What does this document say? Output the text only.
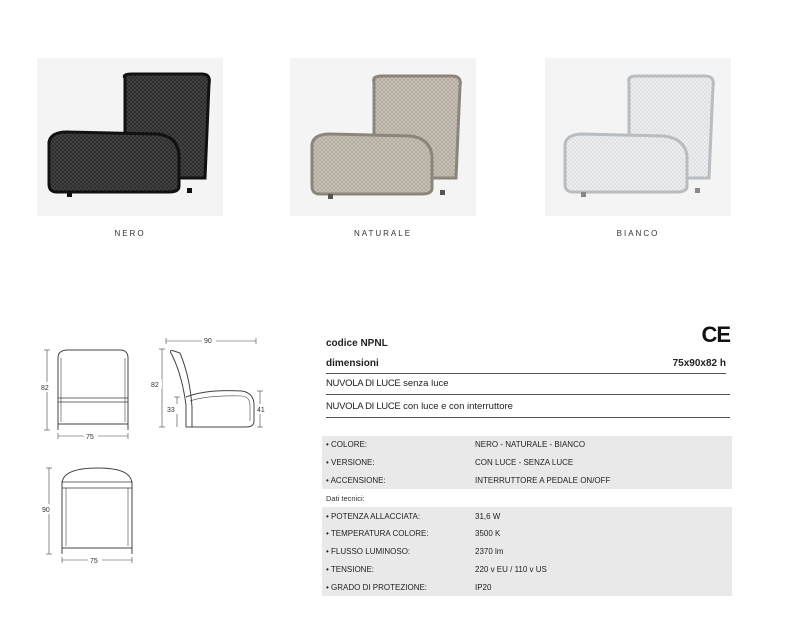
NERO	NATURALE	BIANCO
82
75
90
82
33	41
90
75
CE
codice NPNL
dimensioni	75x90x82 h
NUVOLA DI LUCE senza luce
NUVOLA DI LUCE con luce e con interruttore
• COLORE:	NERO - NATURALE - BIANCO
• VERSIONE:	CON LUCE - SENZA LUCE
• ACCENSIONE:	INTERRUTTORE A PEDALE ON/OFF
Dati tecnici:	
• POTENZA ALLACCIATA:	31,6 W
• TEMPERATURA COLORE:	3500 K
• FLUSSO LUMINOSO:	2370 lm
• TENSIONE:	220 v EU / 110 v US
• GRADO DI PROTEZIONE:	IP20
